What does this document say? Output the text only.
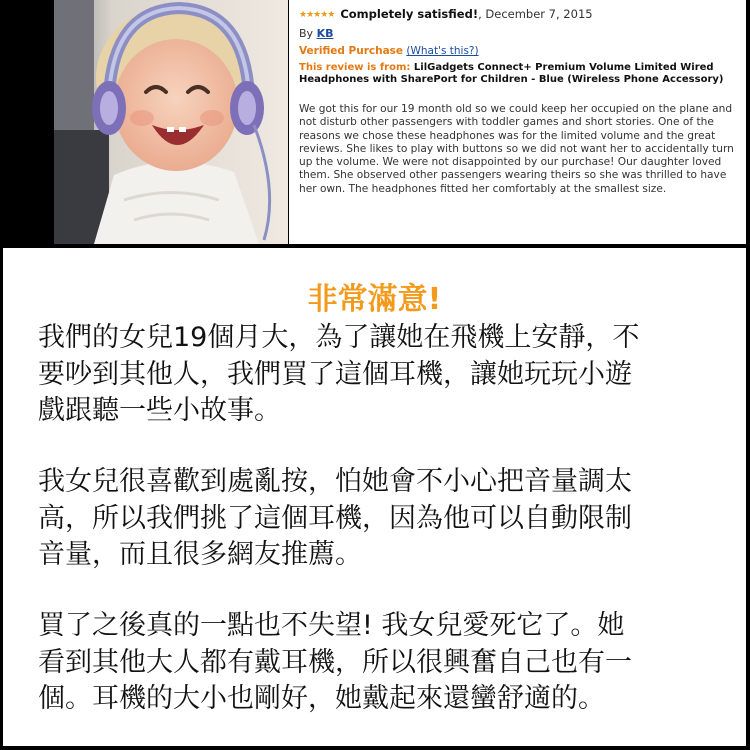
★★★★★ Completely satisfied!, December 7, 2015
By KB
Verified Purchase (What's this?)
This review is from: LilGadgets Connect+ Premium Volume Limited Wired Headphones with SharePort for Children - Blue (Wireless Phone Accessory)
We got this for our 19 month old so we could keep her occupied on the plane and not disturb other passengers with toddler games and short stories. One of the reasons we chose these headphones was for the limited volume and the great reviews. She likes to play with buttons so we did not want her to accidentally turn up the volume. We were not disappointed by our purchase! Our daughter loved them. She observed other passengers wearing theirs so she was thrilled to have her own. The headphones fitted her comfortably at the smallest size.
非常滿意!
我們的女兒19個月大，為了讓她在飛機上安靜，不
要吵到其他人，我們買了這個耳機，讓她玩玩小遊
戲跟聽一些小故事。
我女兒很喜歡到處亂按，怕她會不小心把音量調太
高，所以我們挑了這個耳機，因為他可以自動限制
音量，而且很多網友推薦。
買了之後真的一點也不失望! 我女兒愛死它了。她
看到其他大人都有戴耳機，所以很興奮自己也有一
個。耳機的大小也剛好，她戴起來還蠻舒適的。
